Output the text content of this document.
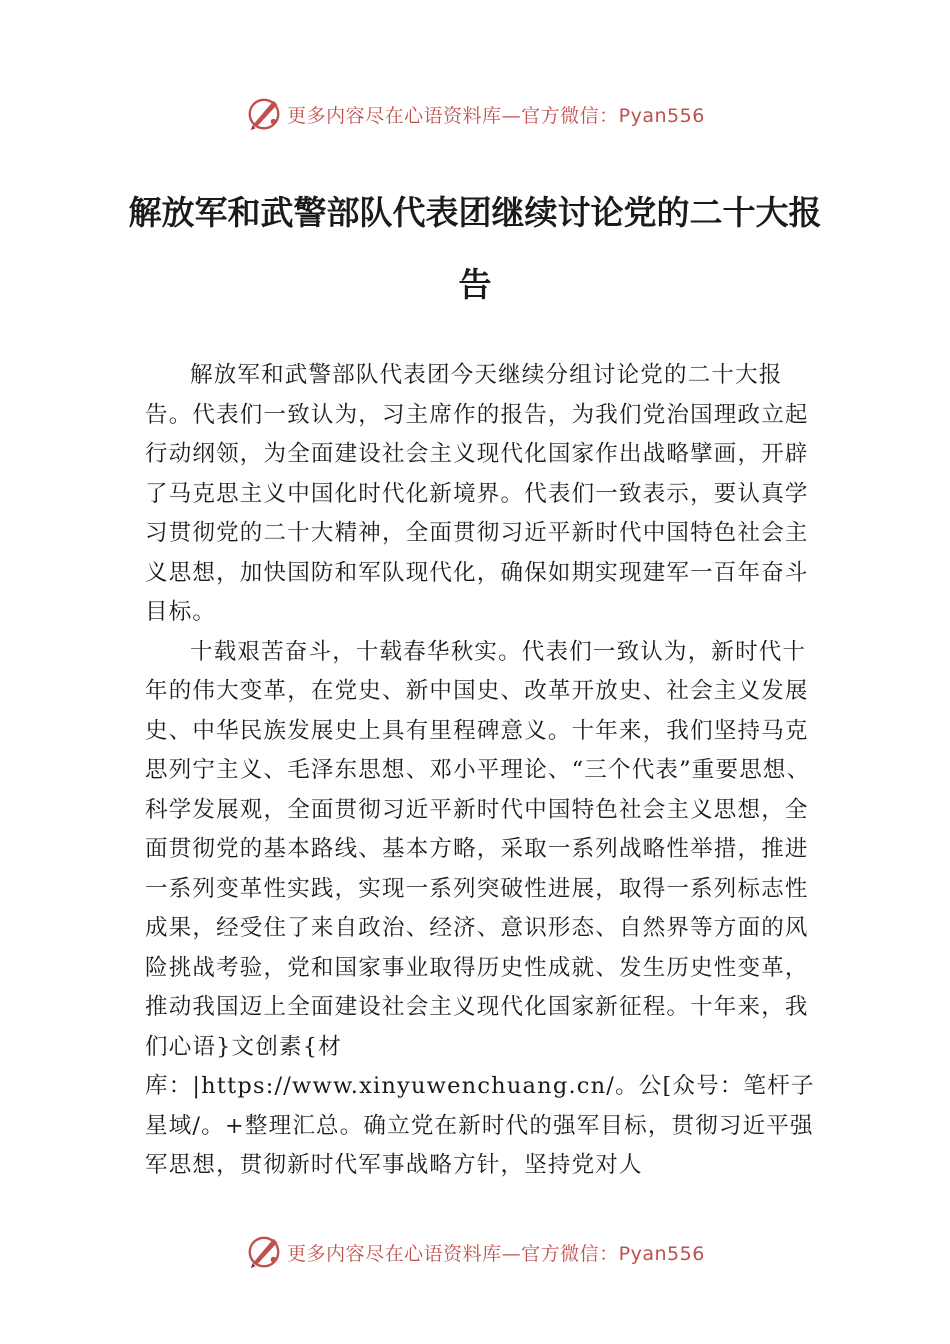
更多内容尽在心语资料库—官方微信：Pyan556
解放军和武警部队代表团继续讨论党的二十大报告

解放军和武警部队代表团今天继续分组讨论党的二十大报告。代表们一致认为，习主席作的报告，为我们党治国理政立起行动纲领，为全面建设社会主义现代化国家作出战略擘画，开辟了马克思主义中国化时代化新境界。代表们一致表示，要认真学习贯彻党的二十大精神，全面贯彻习近平新时代中国特色社会主义思想，加快国防和军队现代化，确保如期实现建军一百年奋斗目标。

十载艰苦奋斗，十载春华秋实。代表们一致认为，新时代十年的伟大变革，在党史、新中国史、改革开放史、社会主义发展史、中华民族发展史上具有里程碑意义。十年来，我们坚持马克思列宁主义、毛泽东思想、邓小平理论、“三个代表”重要思想、科学发展观，全面贯彻习近平新时代中国特色社会主义思想，全面贯彻党的基本路线、基本方略，采取一系列战略性举措，推进一系列变革性实践，实现一系列突破性进展，取得一系列标志性成果，经受住了来自政治、经济、意识形态、自然界等方面的风险挑战考验，党和国家事业取得历史性成就、发生历史性变革，推动我国迈上全面建设社会主义现代化国家新征程。十年来，我们心语}文创素{材库：|https://www.xinyuwenchuang.cn/。公[众号：笔杆子星域/。+整理汇总。确立党在新时代的强军目标，贯彻习近平强军思想，贯彻新时代军事战略方针，坚持党对人

更多内容尽在心语资料库—官方微信：Pyan556
